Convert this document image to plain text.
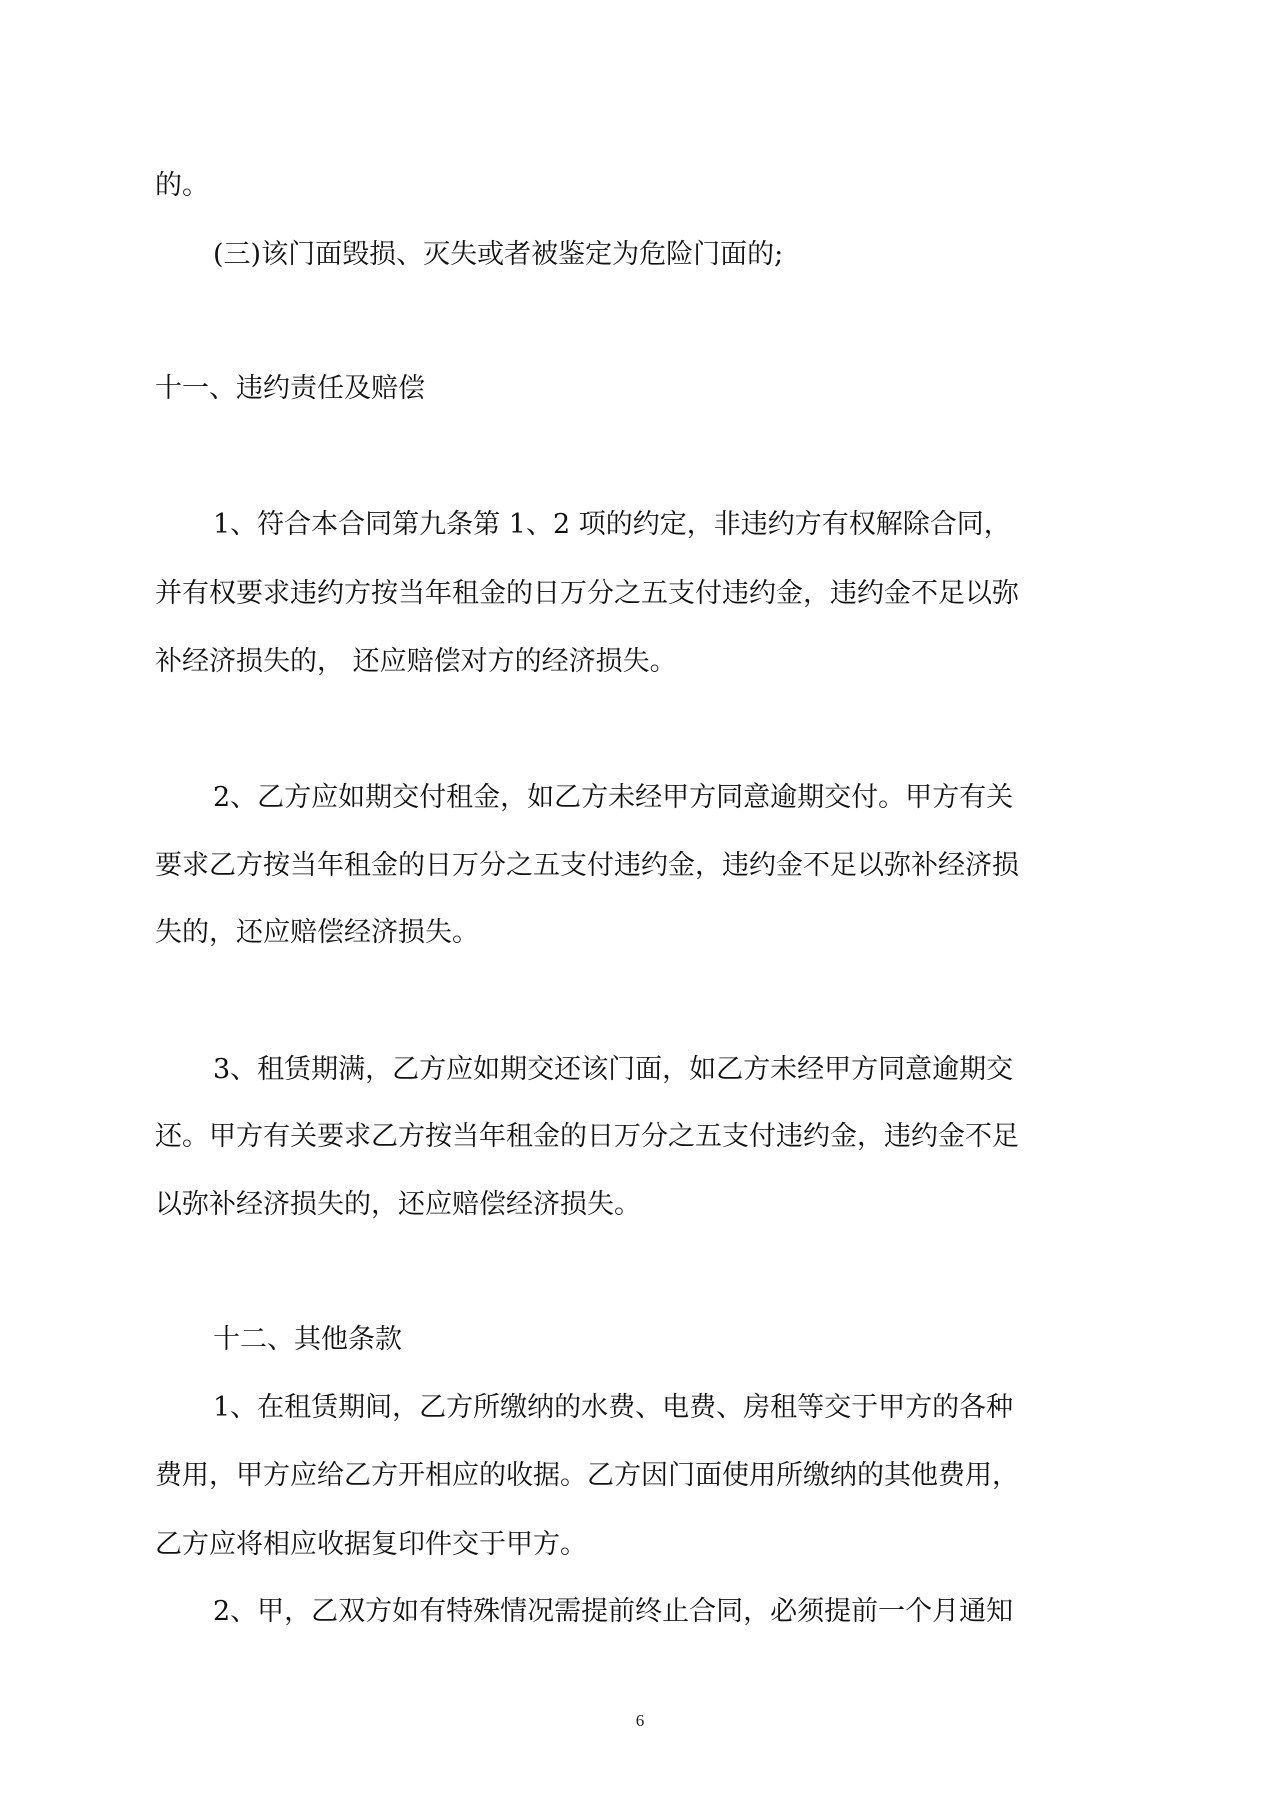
的。

(三)该门面毁损、灭失或者被鉴定为危险门面的;

十一、违约责任及赔偿

1、符合本合同第九条第 1、2 项的约定，非违约方有权解除合同，

并有权要求违约方按当年租金的日万分之五支付违约金，违约金不足以弥

补经济损失的， 还应赔偿对方的经济损失。

2、乙方应如期交付租金，如乙方未经甲方同意逾期交付。甲方有关

要求乙方按当年租金的日万分之五支付违约金，违约金不足以弥补经济损

失的，还应赔偿经济损失。

3、租赁期满，乙方应如期交还该门面，如乙方未经甲方同意逾期交

还。甲方有关要求乙方按当年租金的日万分之五支付违约金，违约金不足

以弥补经济损失的，还应赔偿经济损失。

十二、其他条款

1、在租赁期间，乙方所缴纳的水费、电费、房租等交于甲方的各种

费用，甲方应给乙方开相应的收据。乙方因门面使用所缴纳的其他费用，

乙方应将相应收据复印件交于甲方。

2、甲，乙双方如有特殊情况需提前终止合同，必须提前一个月通知

6
